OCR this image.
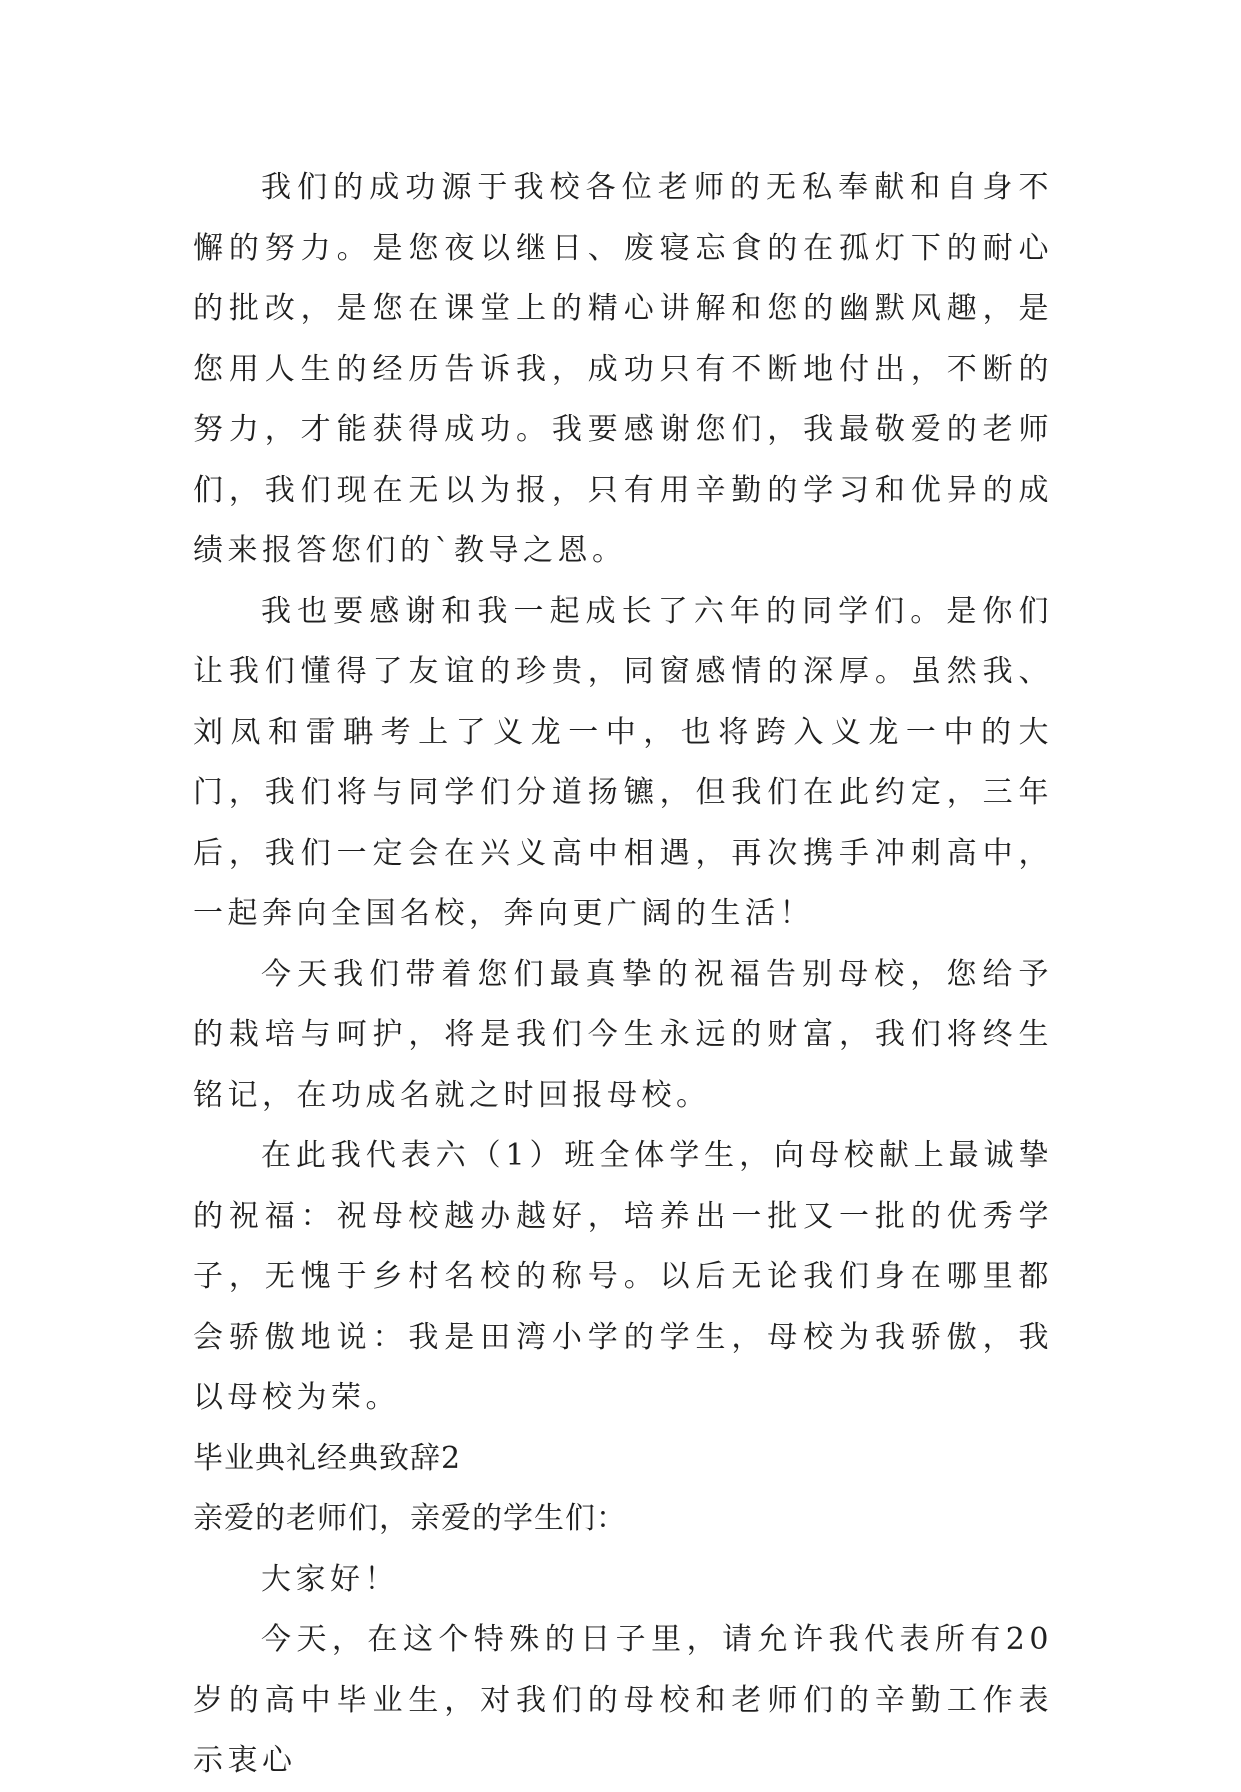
我们的成功源于我校各位老师的无私奉献和自身不懈的努力。是您夜以继日、废寝忘食的在孤灯下的耐心的批改，是您在课堂上的精心讲解和您的幽默风趣，是您用人生的经历告诉我，成功只有不断地付出，不断的努力，才能获得成功。我要感谢您们，我最敬爱的老师们，我们现在无以为报，只有用辛勤的学习和优异的成绩来报答您们的`教导之恩。

我也要感谢和我一起成长了六年的同学们。是你们让我们懂得了友谊的珍贵，同窗感情的深厚。虽然我、刘凤和雷聃考上了义龙一中，也将跨入义龙一中的大门，我们将与同学们分道扬镳，但我们在此约定，三年后，我们一定会在兴义高中相遇，再次携手冲刺高中，一起奔向全国名校，奔向更广阔的生活！

今天我们带着您们最真挚的祝福告别母校，您给予的栽培与呵护，将是我们今生永远的财富，我们将终生铭记，在功成名就之时回报母校。

在此我代表六（1）班全体学生，向母校献上最诚挚的祝福：祝母校越办越好，培养出一批又一批的优秀学子，无愧于乡村名校的称号。以后无论我们身在哪里都会骄傲地说：我是田湾小学的学生，母校为我骄傲，我以母校为荣。

毕业典礼经典致辞2

亲爱的老师们，亲爱的学生们：

大家好！

今天，在这个特殊的日子里，请允许我代表所有20岁的高中毕业生，对我们的母校和老师们的辛勤工作表示衷心
